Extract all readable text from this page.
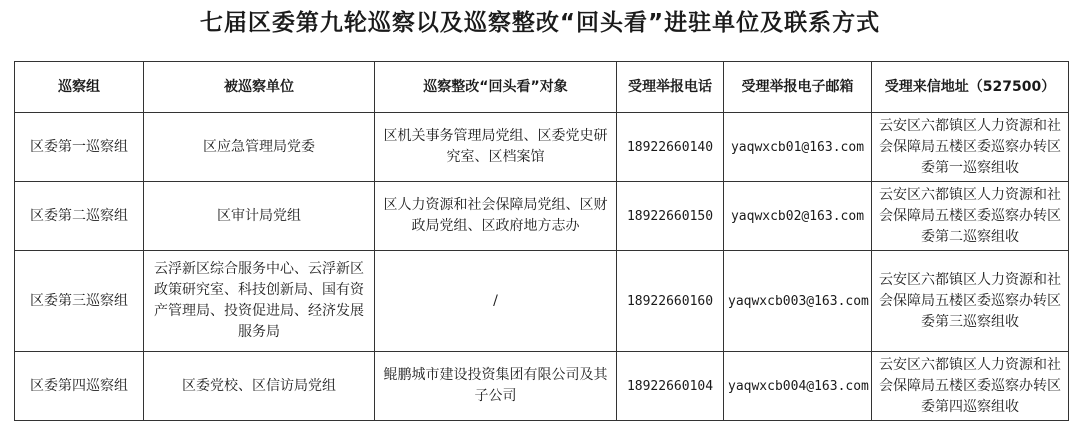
七届区委第九轮巡察以及巡察整改“回头看”进驻单位及联系方式
巡察组	被巡察单位	巡察整改“回头看”对象	受理举报电话	受理举报电子邮箱	受理来信地址（527500）
区委第一巡察组	区应急管理局党委	区机关事务管理局党组、区委党史研究室、区档案馆	18922660140	yaqwxcb01@163.com	云安区六都镇区人力资源和社会保障局五楼区委巡察办转区委第一巡察组收
区委第二巡察组	区审计局党组	区人力资源和社会保障局党组、区财政局党组、区政府地方志办	18922660150	yaqwxcb02@163.com	云安区六都镇区人力资源和社会保障局五楼区委巡察办转区委第二巡察组收
区委第三巡察组	云浮新区综合服务中心、云浮新区政策研究室、科技创新局、国有资产管理局、投资促进局、经济发展服务局	/	18922660160	yaqwxcb003@163.com	云安区六都镇区人力资源和社会保障局五楼区委巡察办转区委第三巡察组收
区委第四巡察组	区委党校、区信访局党组	鲲鹏城市建设投资集团有限公司及其子公司	18922660104	yaqwxcb004@163.com	云安区六都镇区人力资源和社会保障局五楼区委巡察办转区委第四巡察组收
